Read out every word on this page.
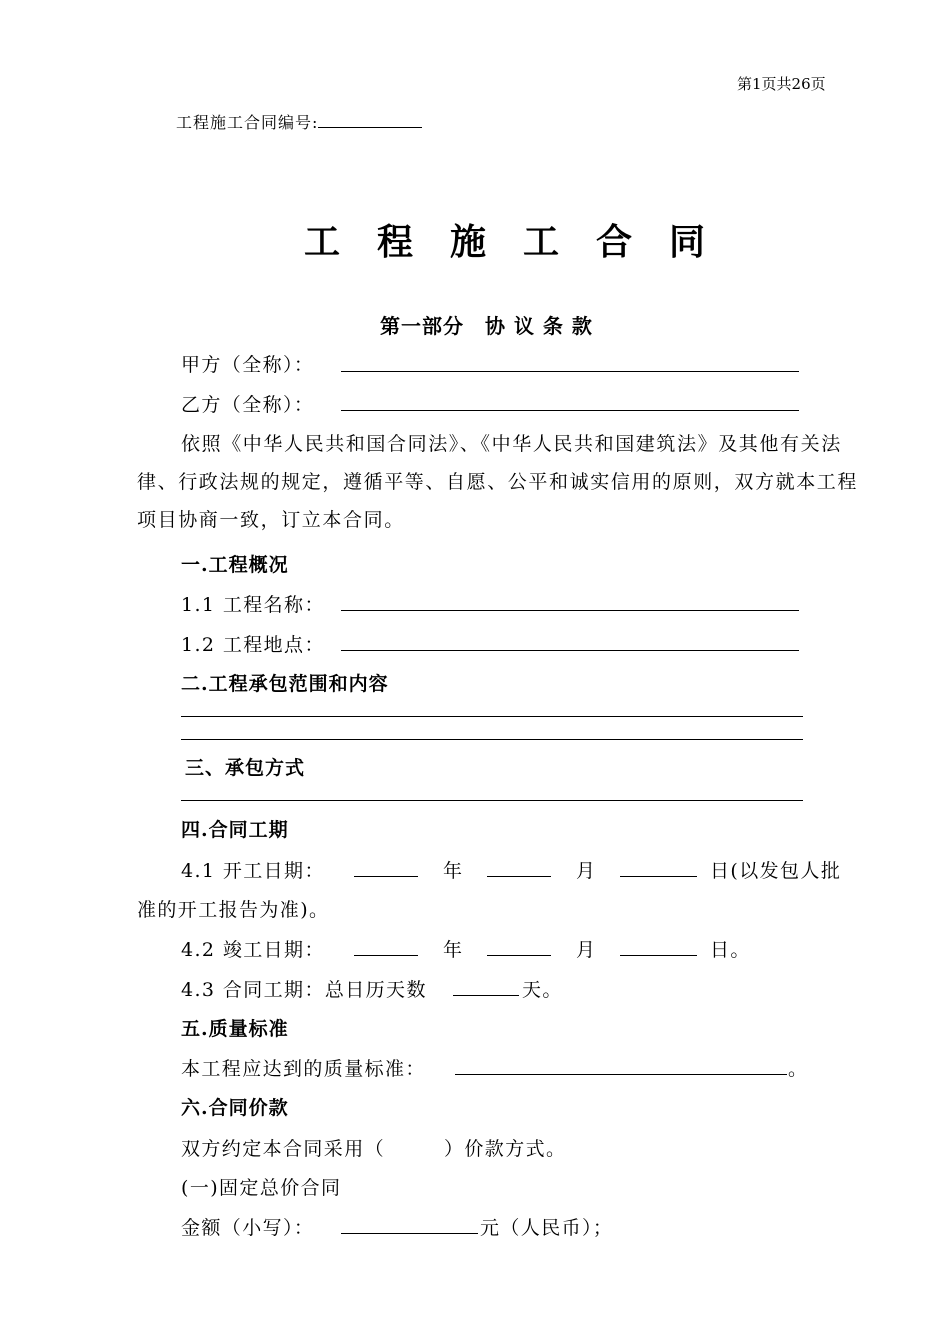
第1页共26页
工程施工合同编号:
工程施工合同
第一部分　协 议 条 款
甲方（全称）：
乙方（全称）：
依照《中华人民共和国合同法》、《中华人民共和国建筑法》及其他有关法律、行政法规的规定，遵循平等、自愿、公平和诚实信用的原则，双方就本工程项目协商一致，订立本合同。
一.工程概况
1.1 工程名称：
1.2 工程地点：
二.工程承包范围和内容
三、承包方式
四.合同工期
4.1 开工日期：	年	月	日(以发包人批
准的开工报告为准)。
4.2 竣工日期：	年	月	日。
4.3 合同工期：总日历天数	天。
五.质量标准
本工程应达到的质量标准：	。
六.合同价款
双方约定本合同采用（	）价款方式。
(一)固定总价合同
金额（小写）：	元（人民币）；
